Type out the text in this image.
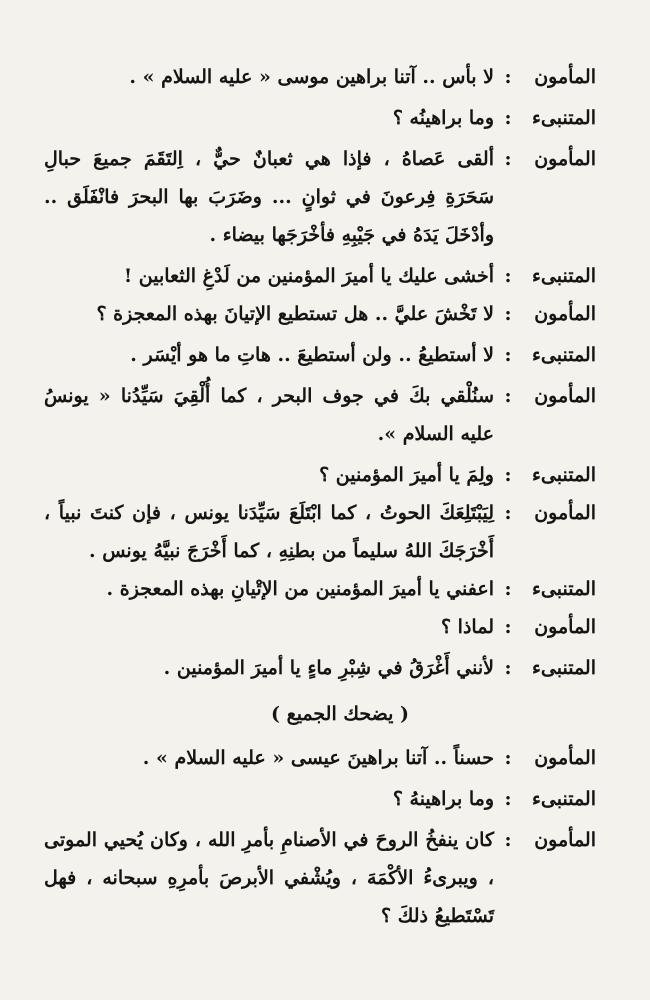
المأمون
:
لا بأس .. آتنا براهين موسى « عليه السلام » .
المتنبىء
:
وما براهينُه ؟
المأمون
:
ألقى عَصاهُ ، فإذا هي ثعبانٌ حيٌّ ، اِلتَقَمَ جميعَ حبالِ سَحَرَةِ فِرعونَ في ثوانٍ ... وضَرَبَ بها البحرَ فانْفَلَق .. وأدْخَلَ يَدَهُ في جَيْبِهِ فأخْرَجَها بيضاء .
المتنبىء
:
أخشى عليك يا أميرَ المؤمنين من لَدْغِ الثعابين !
المأمون
:
لا تَخْشَ عليَّ .. هل تستطيع الإتيانَ بهذه المعجزة ؟
المتنبىء
:
لا أستطيعُ .. ولن أستطيعَ .. هاتِ ما هو أيْسَر .
المأمون
:
سنُلْقي بكَ في جوف البحر ، كما أُلْقِيَ سَيِّدُنا « يونسُ عليه السلام ».
المتنبىء
:
ولِمَ يا أميرَ المؤمنين ؟
المأمون
:
لِيَبْتَلِعَكَ الحوتُ ، كما ابْتَلَعَ سَيِّدَنا يونس ، فإن كنتَ نبياً ، أَخْرَجَكَ اللهُ سليماً من بطنِهِ ، كما أَخْرَجَ نبيَّهُ يونس .
المتنبىء
:
اعفني يا أميرَ المؤمنين من الإتْيانِ بهذه المعجزة .
المأمون
:
لماذا ؟
المتنبىء
:
لأنني أَغْرَقُ في شِبْرِ ماءٍ يا أميرَ المؤمنين .
( يضحك الجميع )
المأمون
:
حسناً .. آتنا براهينَ عيسى « عليه السلام » .
المتنبىء
:
وما براهينهُ ؟
المأمون
:
كان ينفخُ الروحَ في الأصنامِ بأمرِ الله ، وكان يُحيي الموتى ، ويبرىءُ الأكْمَهَ ، ويُشْفي الأبرصَ بأمرِهِ سبحانه ، فهل تَسْتَطيعُ ذلكَ ؟
